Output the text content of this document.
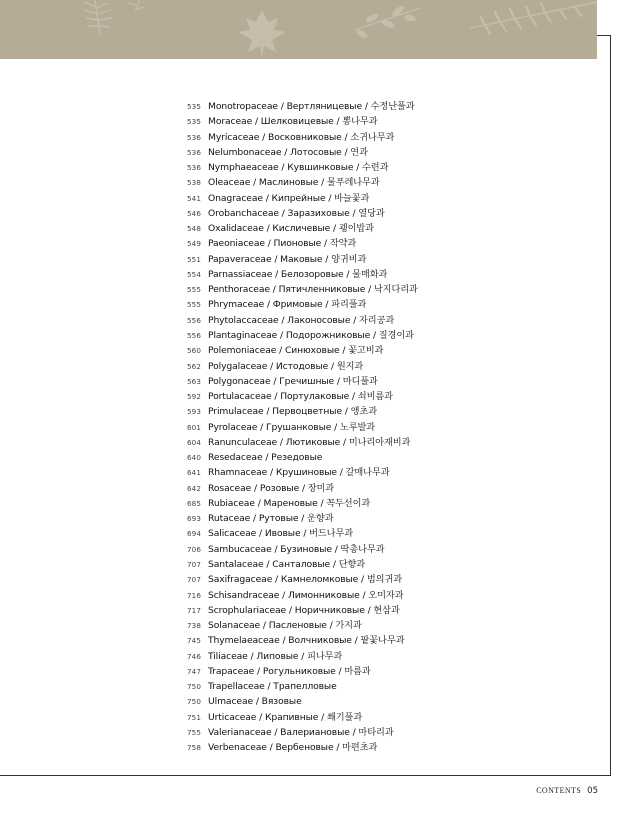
535 Monotropaceae / Вертляницевые / 수정난풀과
535 Moraceae / Шелковицевые / 뽕나무과
536 Myricaceae / Восковниковые / 소귀나무과
536 Nelumbonaceae / Лотосовые / 연과
536 Nymphaeaceae / Кувшинковые / 수련과
538 Oleaceae / Маслиновые / 물푸레나무과
541 Onagraceae / Кипрейные / 바늘꽃과
546 Orobanchaceae / Заразиховые / 열당과
548 Oxalidaceae / Кисличевые / 괭이밥과
549 Paeoniaceae / Пионовые / 작약과
551 Papaveraceae / Маковые / 양귀비과
554 Parnassiaceae / Белозоровые / 물매화과
555 Penthoraceae / Пятичленниковые / 낙지다리과
555 Phrymaceae / Фримовые / 파리풀과
556 Phytolaccaceae / Лаконосовые / 자리공과
556 Plantaginaceae / Подорожниковые / 질경이과
560 Polemoniaceae / Синюховые / 꽃고비과
562 Polygalaceae / Истодовые / 원지과
563 Polygonaceae / Гречишные / 마디풀과
592 Portulacaceae / Портулаковые / 쇠비름과
593 Primulaceae / Первоцветные / 앵초과
601 Pyrolaceae / Грушанковые / 노루발과
604 Ranunculaceae / Лютиковые / 미나리아재비과
640 Resedaceae / Резедовые
641 Rhamnaceae / Крушиновые / 갈매나무과
642 Rosaceae / Розовые / 장미과
685 Rubiaceae / Мареновые / 꼭두선이과
693 Rutaceae / Рутовые / 운향과
694 Salicaceae / Ивовые / 버드나무과
706 Sambucaceae / Бузиновые / 딱총나무과
707 Santalaceae / Санталовые / 단향과
707 Saxifragaceae / Камнеломковые / 범의귀과
716 Schisandraceae / Лимонниковые / 오미자과
717 Scrophulariaceae / Норичниковые / 현삼과
738 Solanaceae / Пасленовые / 가지과
745 Thymelaeaceae / Волчниковые / 팥꽃나무과
746 Tiliaceae / Липовые / 피나무과
747 Trapaceae / Рогульниковые / 마름과
750 Trapellaceae / Трапелловые
750 Ulmaceae / Вязовые
751 Urticaceae / Крапивные / 쐐기풀과
755 Valerianaceae / Валериановые / 마타리과
758 Verbenaceae / Вербеновые / 마편초과
CONTENTS 05
